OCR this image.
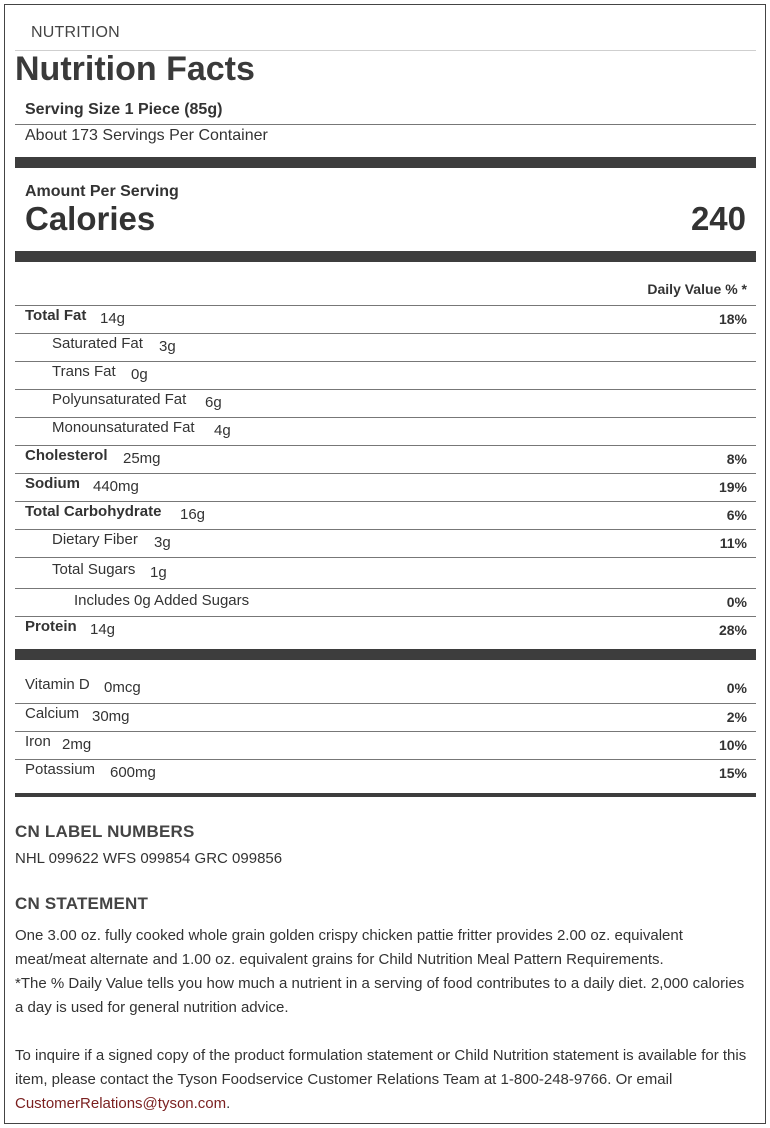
NUTRITION
Nutrition Facts
Serving Size 1 Piece (85g)
About 173 Servings Per Container
Amount Per Serving
Calories	240
Daily Value % *
Total Fat 14g	18%
Saturated Fat 3g
Trans Fat 0g
Polyunsaturated Fat 6g
Monounsaturated Fat 4g
Cholesterol 25mg	8%
Sodium 440mg	19%
Total Carbohydrate 16g	6%
Dietary Fiber 3g	11%
Total Sugars 1g
Includes 0g Added Sugars	0%
Protein 14g	28%
Vitamin D 0mcg	0%
Calcium 30mg	2%
Iron 2mg	10%
Potassium 600mg	15%
CN LABEL NUMBERS
NHL 099622 WFS 099854 GRC 099856
CN STATEMENT
One 3.00 oz. fully cooked whole grain golden crispy chicken pattie fritter provides 2.00 oz. equivalent meat/meat alternate and 1.00 oz. equivalent grains for Child Nutrition Meal Pattern Requirements.
*The % Daily Value tells you how much a nutrient in a serving of food contributes to a daily diet. 2,000 calories a day is used for general nutrition advice.
To inquire if a signed copy of the product formulation statement or Child Nutrition statement is available for this item, please contact the Tyson Foodservice Customer Relations Team at 1-800-248-9766. Or email CustomerRelations@tyson.com.
